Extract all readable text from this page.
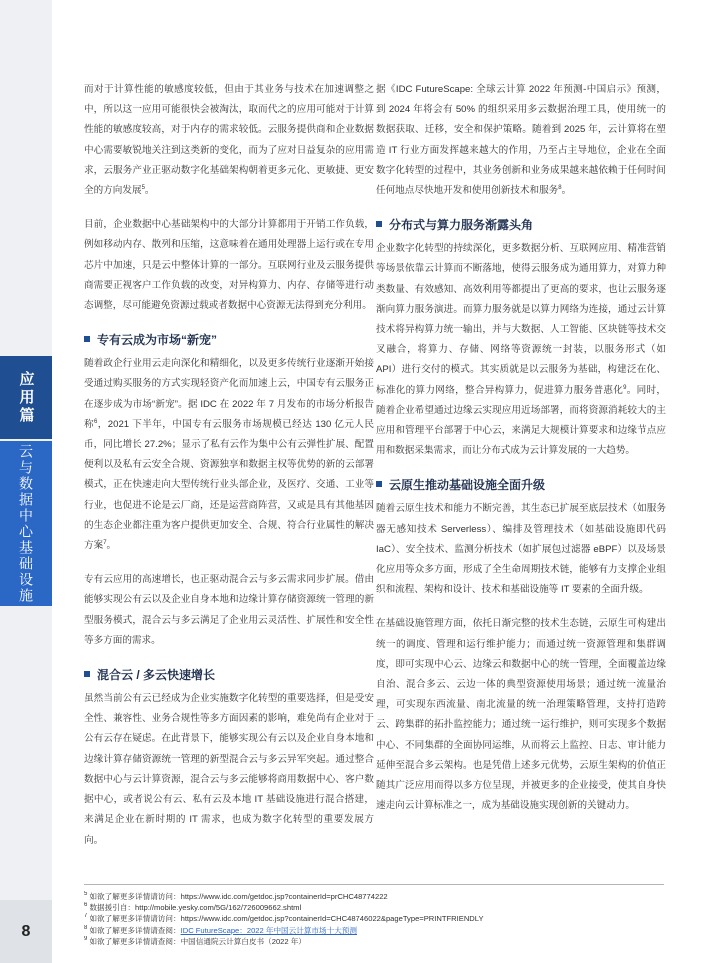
应用篇
云与数据中心基础设施
8

而对于计算性能的敏感度较低，但由于其业务与技术在加速调整之中，所以这一应用可能很快会被淘汰，取而代之的应用可能对于计算性能的敏感度较高，对于内存的需求较低。云服务提供商和企业数据中心需要敏锐地关注到这类新的变化，而为了应对日益复杂的应用需求，云服务产业正驱动数字化基础架构朝着更多元化、更敏捷、更安全的方向发展$^5$。

目前，企业数据中心基础架构中的大部分计算都用于开销工作负载，例如移动内存、散列和压缩，这意味着在通用处理器上运行或在专用芯片中加速，只是云中整体计算的一部分。互联网行业及云服务提供商需要正视客户工作负载的改变，对异构算力、内存、存储等进行动态调整，尽可能避免资源过载或者数据中心资源无法得到充分利用。

专有云成为市场“新宠”

随着政企行业用云走向深化和精细化，以及更多传统行业逐渐开始接受通过购买服务的方式实现轻资产化而加速上云，中国专有云服务正在逐步成为市场“新宠”。据 IDC 在 2022 年 7 月发布的市场分析报告称$^6$，2021 下半年，中国专有云服务市场规模已经达 130 亿元人民币，同比增长 27.2%；显示了私有云作为集中公有云弹性扩展、配置便利以及私有云安全合规、资源独享和数据主权等优势的新的云部署模式，正在快速走向大型传统行业头部企业，及医疗、交通、工业等行业，也促进不论是云厂商，还是运营商阵营，又或是具有其他基因的生态企业都注重为客户提供更加安全、合规、符合行业属性的解决方案$^7$。

专有云应用的高速增长，也正驱动混合云与多云需求同步扩展。借由能够实现公有云以及企业自身本地和边缘计算存储资源统一管理的新型服务模式，混合云与多云满足了企业用云灵活性、扩展性和安全性等多方面的需求。

混合云 / 多云快速增长

虽然当前公有云已经成为企业实施数字化转型的重要选择，但是受安全性、兼容性、业务合规性等多方面因素的影响，难免尚有企业对于公有云存在疑虑。在此背景下，能够实现公有云以及企业自身本地和边缘计算存储资源统一管理的新型混合云与多云异军突起。通过整合数据中心与云计算资源，混合云与多云能够将商用数据中心、客户数据中心，或者说公有云、私有云及本地 IT 基础设施进行混合搭建，来满足企业在新时期的 IT 需求，也成为数字化转型的重要发展方向。

据《IDC FutureScape: 全球云计算 2022 年预测-中国启示》预测，到 2024 年将会有 50% 的组织采用多云数据治理工具，使用统一的数据获取、迁移，安全和保护策略。随着到 2025 年，云计算将在塑造 IT 行业方面发挥越来越大的作用，乃至占主导地位，企业在全面数字化转型的过程中，其业务创新和业务成果越来越依赖于任何时间任何地点尽快地开发和使用创新技术和服务$^8$。

分布式与算力服务渐露头角

企业数字化转型的持续深化，更多数据分析、互联网应用、精准营销等场景依靠云计算而不断落地，使得云服务成为通用算力，对算力种类数量、有效感知、高效利用等都提出了更高的要求，也让云服务逐渐向算力服务演进。而算力服务就是以算力网络为连接，通过云计算技术将异构算力统一输出，并与大数据、人工智能、区块链等技术交叉融合，将算力、存储、网络等资源统一封装，以服务形式（如 API）进行交付的模式。其实质就是以云服务为基础，构建泛在化、标准化的算力网络，整合异构算力，促进算力服务普惠化$^9$。同时，随着企业希望通过边缘云实现应用近场部署，而将资源消耗较大的主应用和管理平台部署于中心云，来满足大规模计算要求和边缘节点应用和数据采集需求，而让分布式成为云计算发展的一大趋势。

云原生推动基础设施全面升级

随着云原生技术和能力不断完善，其生态已扩展至底层技术（如服务器无感知技术 Serverless）、编排及管理技术（如基础设施即代码 IaC）、安全技术、监测分析技术（如扩展包过滤器 eBPF）以及场景化应用等众多方面，形成了全生命周期技术链，能够有力支撑企业组织和流程、架构和设计、技术和基础设施等 IT 要素的全面升级。

在基础设施管理方面，依托日渐完整的技术生态链，云原生可构建出统一的调度、管理和运行维护能力；而通过统一资源管理和集群调度，即可实现中心云、边缘云和数据中心的统一管理，全面覆盖边缘自治、混合多云、云边一体的典型资源使用场景；通过统一流量治理，可实现东西流量、南北流量的统一治理策略管理，支持打造跨云、跨集群的拓扑监控能力；通过统一运行维护，则可实现多个数据中心、不同集群的全面协同运维，从而将云上监控、日志、审计能力延伸至混合多云架构。也是凭借上述多元优势，云原生架构的价值正随其广泛应用而得以多方位呈现，并被更多的企业接受，使其自身快速走向云计算标准之一，成为基础设施实现创新的关键动力。

$^5$ 如欲了解更多详情请访问：https://www.idc.com/getdoc.jsp?containerId=prCHC48774222
$^6$ 数据援引自：http://mobile.yesky.com/5G/162/726009662.shtml
$^7$ 如欲了解更多详情请访问：https://www.idc.com/getdoc.jsp?containerId=CHC48746022&pageType=PRINTFRIENDLY
$^8$ 如欲了解更多详情请查阅：IDC FutureScape：2022 年中国云计算市场十大预测
$^9$ 如欲了解更多详情请查阅：中国信通院云计算白皮书（2022 年）
